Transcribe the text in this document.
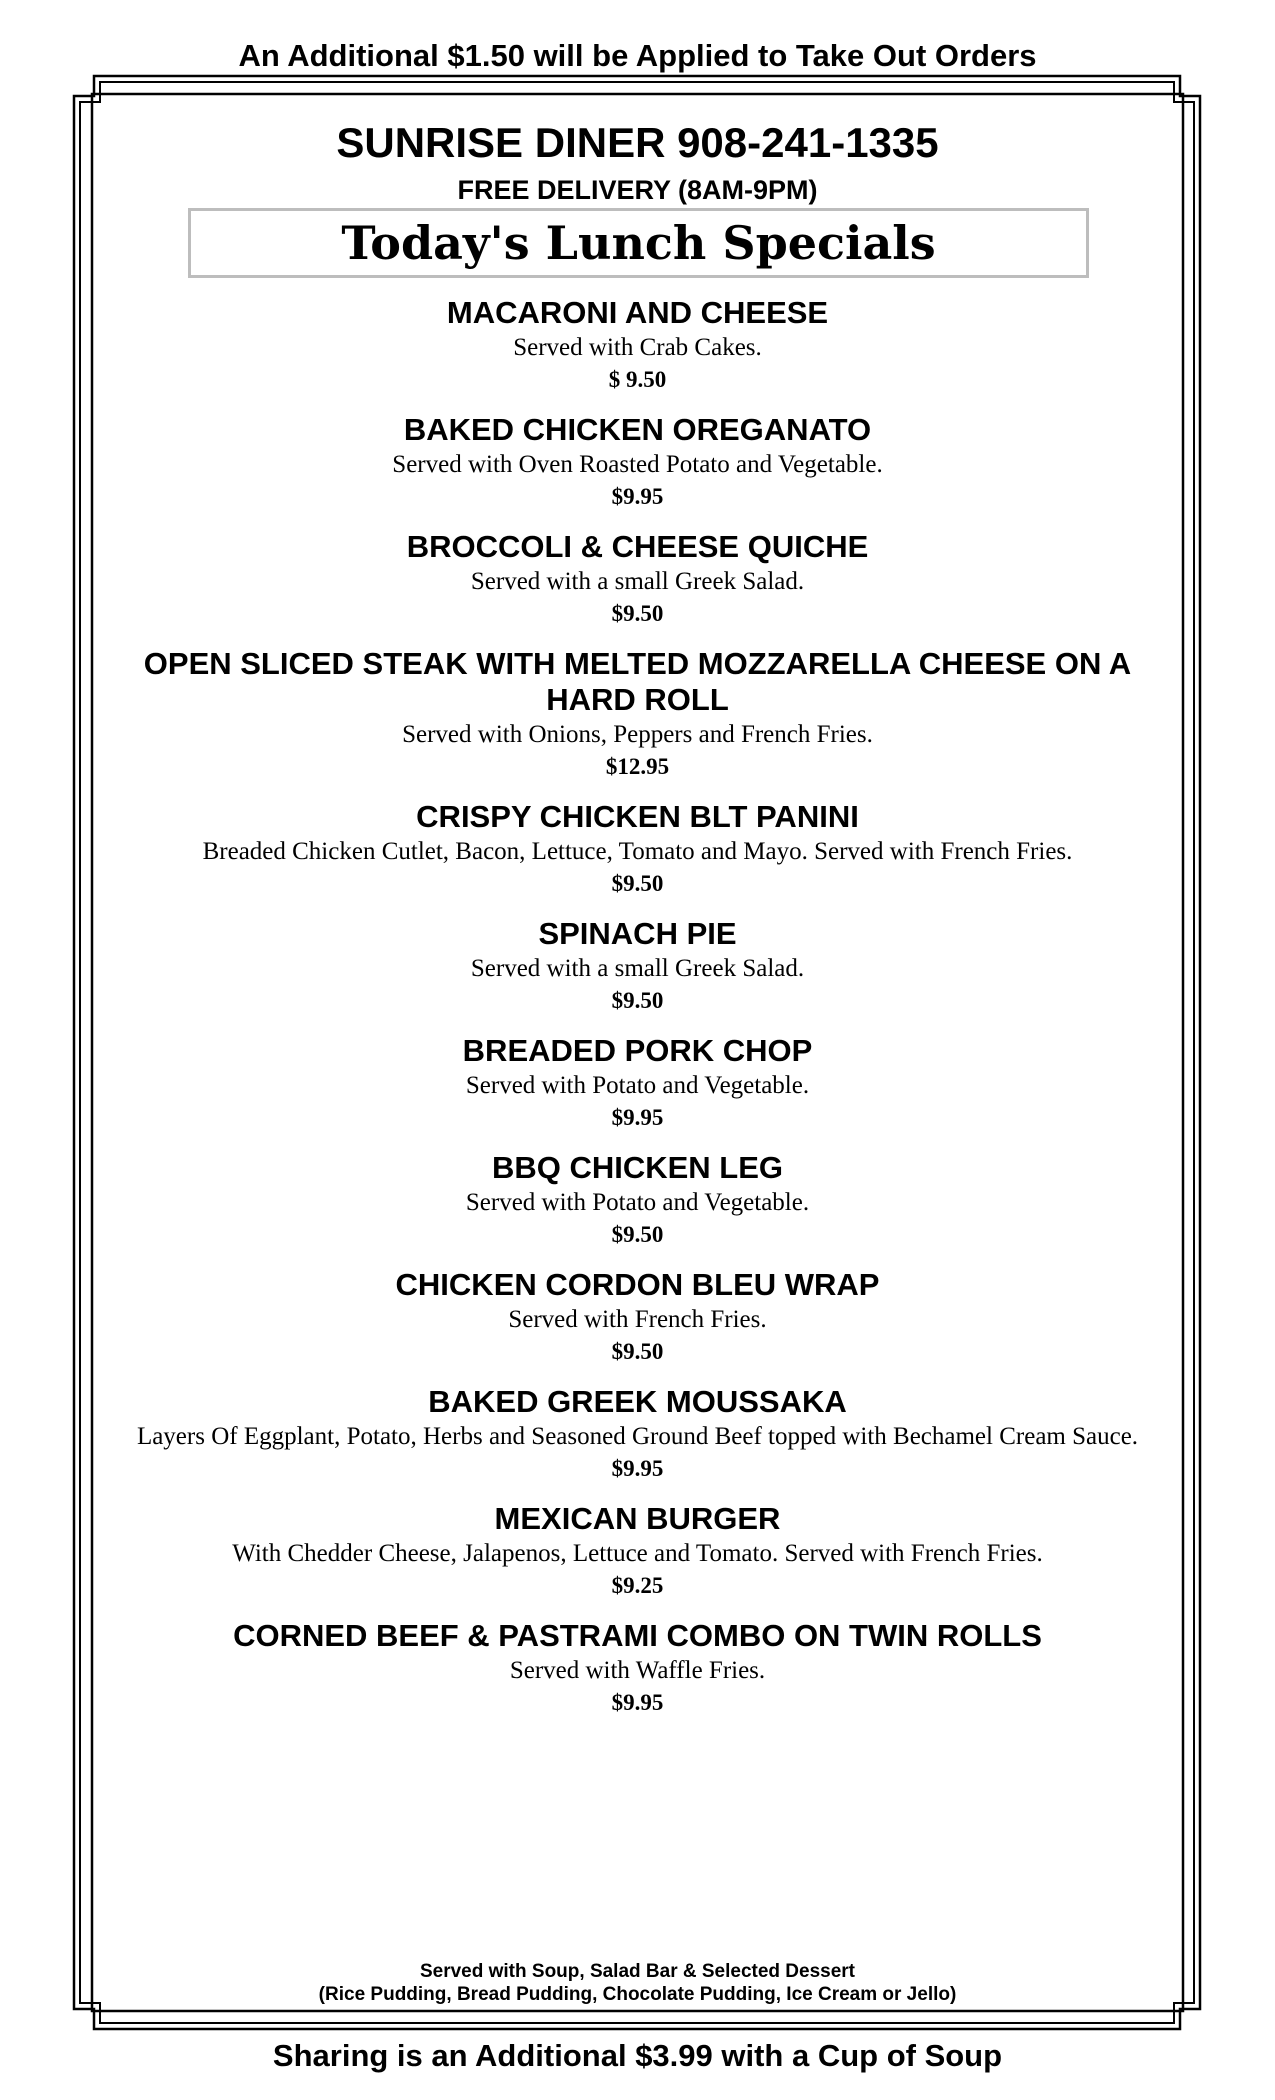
An Additional $1.50 will be Applied to Take Out Orders
SUNRISE DINER 908-241-1335
FREE DELIVERY (8AM-9PM)
Today's Lunch Specials
MACARONI AND CHEESE
Served with Crab Cakes.
$ 9.50
BAKED CHICKEN OREGANATO
Served with Oven Roasted Potato and Vegetable.
$9.95
BROCCOLI & CHEESE QUICHE
Served with a small Greek Salad.
$9.50
OPEN SLICED STEAK WITH MELTED MOZZARELLA CHEESE ON A HARD ROLL
Served with Onions, Peppers and French Fries.
$12.95
CRISPY CHICKEN BLT PANINI
Breaded Chicken Cutlet, Bacon, Lettuce, Tomato and Mayo. Served with French Fries.
$9.50
SPINACH PIE
Served with a small Greek Salad.
$9.50
BREADED PORK CHOP
Served with Potato and Vegetable.
$9.95
BBQ CHICKEN LEG
Served with Potato and Vegetable.
$9.50
CHICKEN CORDON BLEU WRAP
Served with French Fries.
$9.50
BAKED GREEK MOUSSAKA
Layers Of Eggplant, Potato, Herbs and Seasoned Ground Beef topped with Bechamel Cream Sauce.
$9.95
MEXICAN BURGER
With Chedder Cheese, Jalapenos, Lettuce and Tomato. Served with French Fries.
$9.25
CORNED BEEF & PASTRAMI COMBO ON TWIN ROLLS
Served with Waffle Fries.
$9.95
Served with Soup, Salad Bar & Selected Dessert
(Rice Pudding, Bread Pudding, Chocolate Pudding, Ice Cream or Jello)
Sharing is an Additional $3.99 with a Cup of Soup
